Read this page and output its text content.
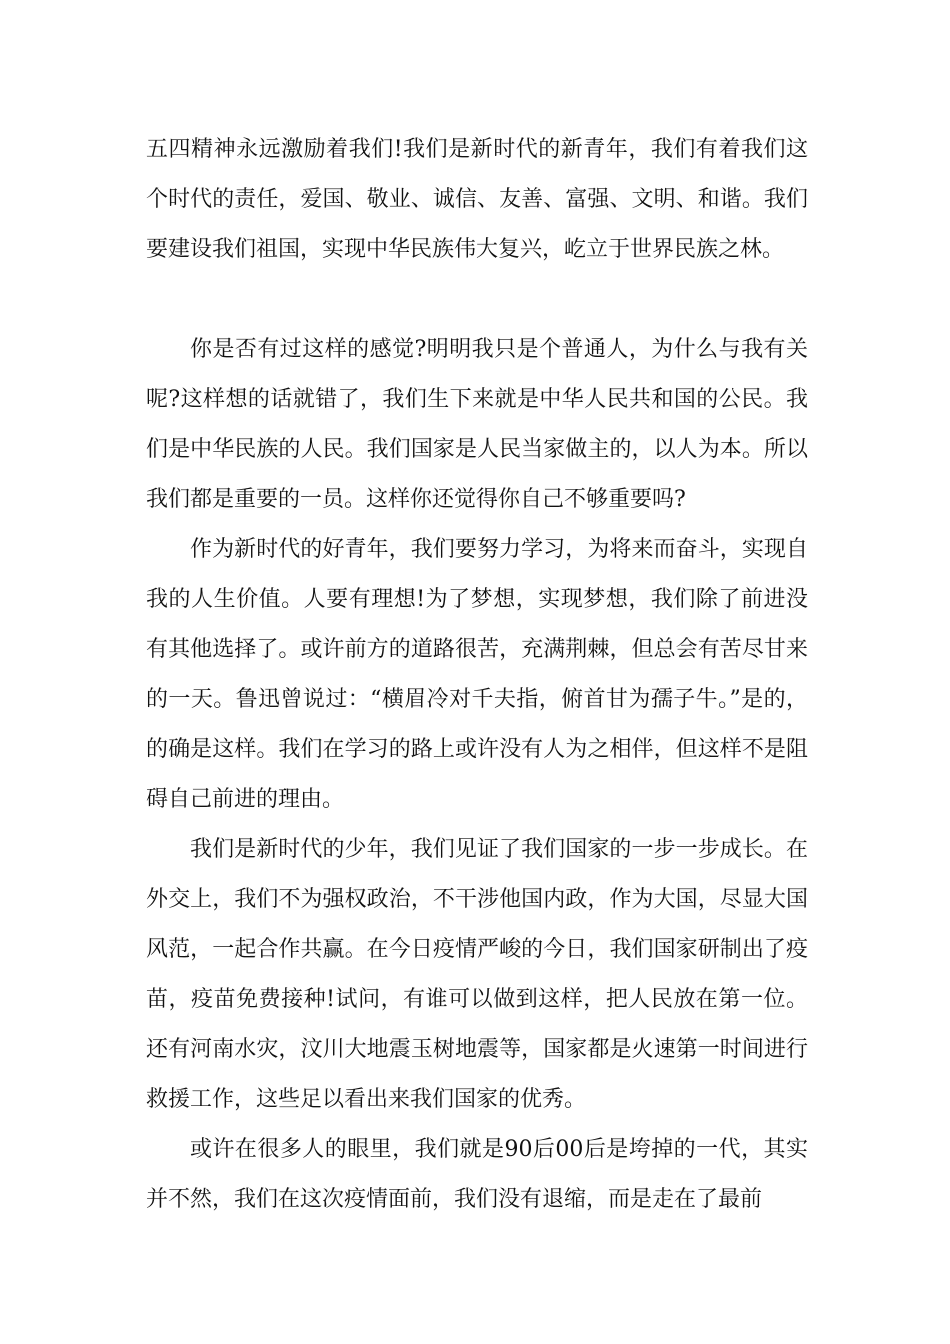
五四精神永远激励着我们!我们是新时代的新青年，我们有着我们这个时代的责任，爱国、敬业、诚信、友善、富强、文明、和谐。我们要建设我们祖国，实现中华民族伟大复兴，屹立于世界民族之林。

你是否有过这样的感觉?明明我只是个普通人，为什么与我有关呢?这样想的话就错了，我们生下来就是中华人民共和国的公民。我们是中华民族的人民。我们国家是人民当家做主的，以人为本。所以我们都是重要的一员。这样你还觉得你自己不够重要吗?

作为新时代的好青年，我们要努力学习，为将来而奋斗，实现自我的人生价值。人要有理想!为了梦想，实现梦想，我们除了前进没有其他选择了。或许前方的道路很苦，充满荆棘，但总会有苦尽甘来的一天。鲁迅曾说过：“横眉冷对千夫指，俯首甘为孺子牛。”是的，的确是这样。我们在学习的路上或许没有人为之相伴，但这样不是阻碍自己前进的理由。

我们是新时代的少年，我们见证了我们国家的一步一步成长。在外交上，我们不为强权政治，不干涉他国内政，作为大国，尽显大国风范，一起合作共赢。在今日疫情严峻的今日，我们国家研制出了疫苗，疫苗免费接种!试问，有谁可以做到这样，把人民放在第一位。还有河南水灾，汶川大地震玉树地震等，国家都是火速第一时间进行救援工作，这些足以看出来我们国家的优秀。

或许在很多人的眼里，我们就是90后00后是垮掉的一代，其实并不然，我们在这次疫情面前，我们没有退缩，而是走在了最前
